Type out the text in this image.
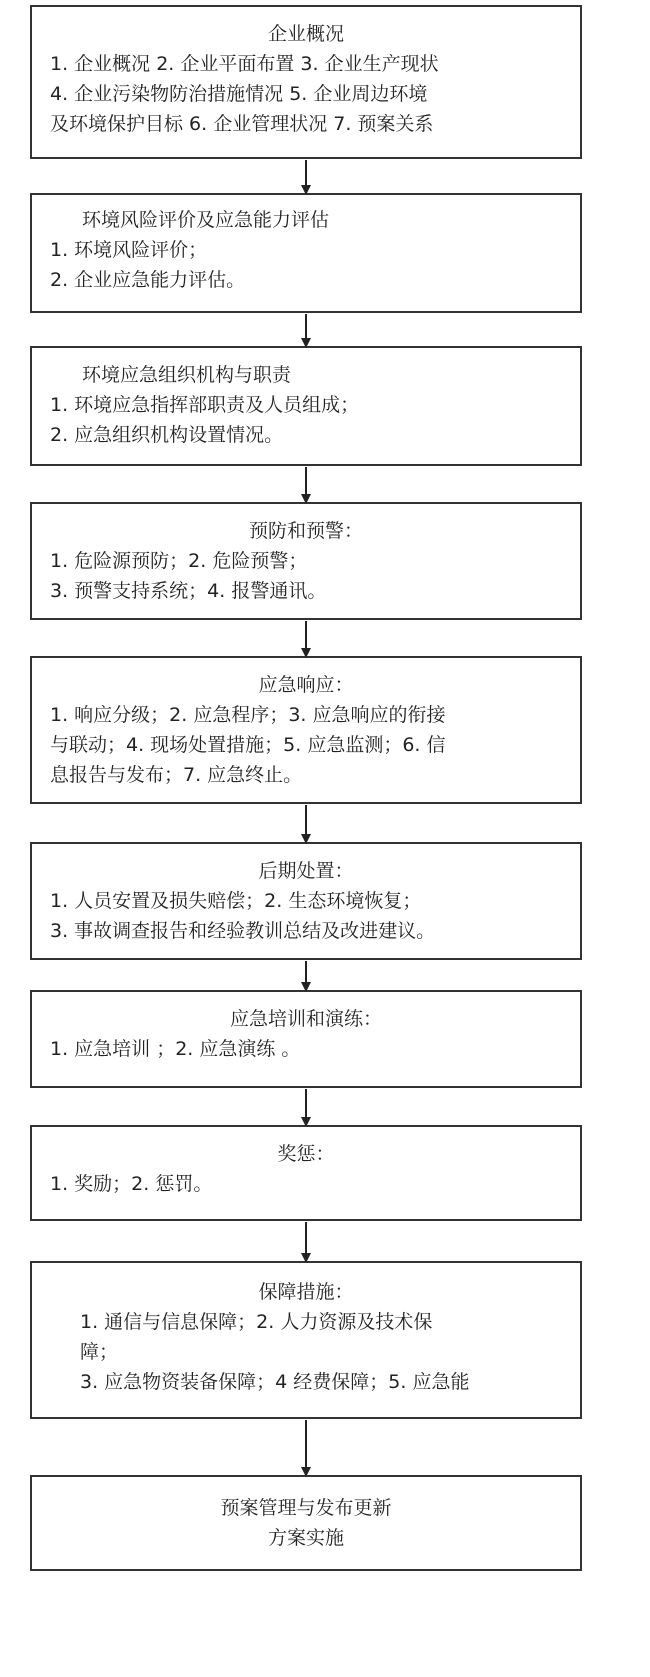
企业概况
1. 企业概况 2. 企业平面布置 3. 企业生产现状
4. 企业污染物防治措施情况 5. 企业周边环境
及环境保护目标 6. 企业管理状况 7. 预案关系
环境风险评价及应急能力评估
1. 环境风险评价；
2. 企业应急能力评估。
环境应急组织机构与职责
1. 环境应急指挥部职责及人员组成；
2. 应急组织机构设置情况。
预防和预警：
1. 危险源预防；2. 危险预警；
3. 预警支持系统；4. 报警通讯。
应急响应：
1. 响应分级；2. 应急程序；3. 应急响应的衔接
与联动；4. 现场处置措施；5. 应急监测；6. 信
息报告与发布；7. 应急终止。
后期处置：
1. 人员安置及损失赔偿；2. 生态环境恢复；
3. 事故调查报告和经验教训总结及改进建议。
应急培训和演练：
1. 应急培训 ；2. 应急演练 。
奖惩：
1. 奖励；2. 惩罚。
保障措施：
1. 通信与信息保障；2. 人力资源及技术保
障；
3. 应急物资装备保障；4 经费保障；5. 应急能
预案管理与发布更新
方案实施
